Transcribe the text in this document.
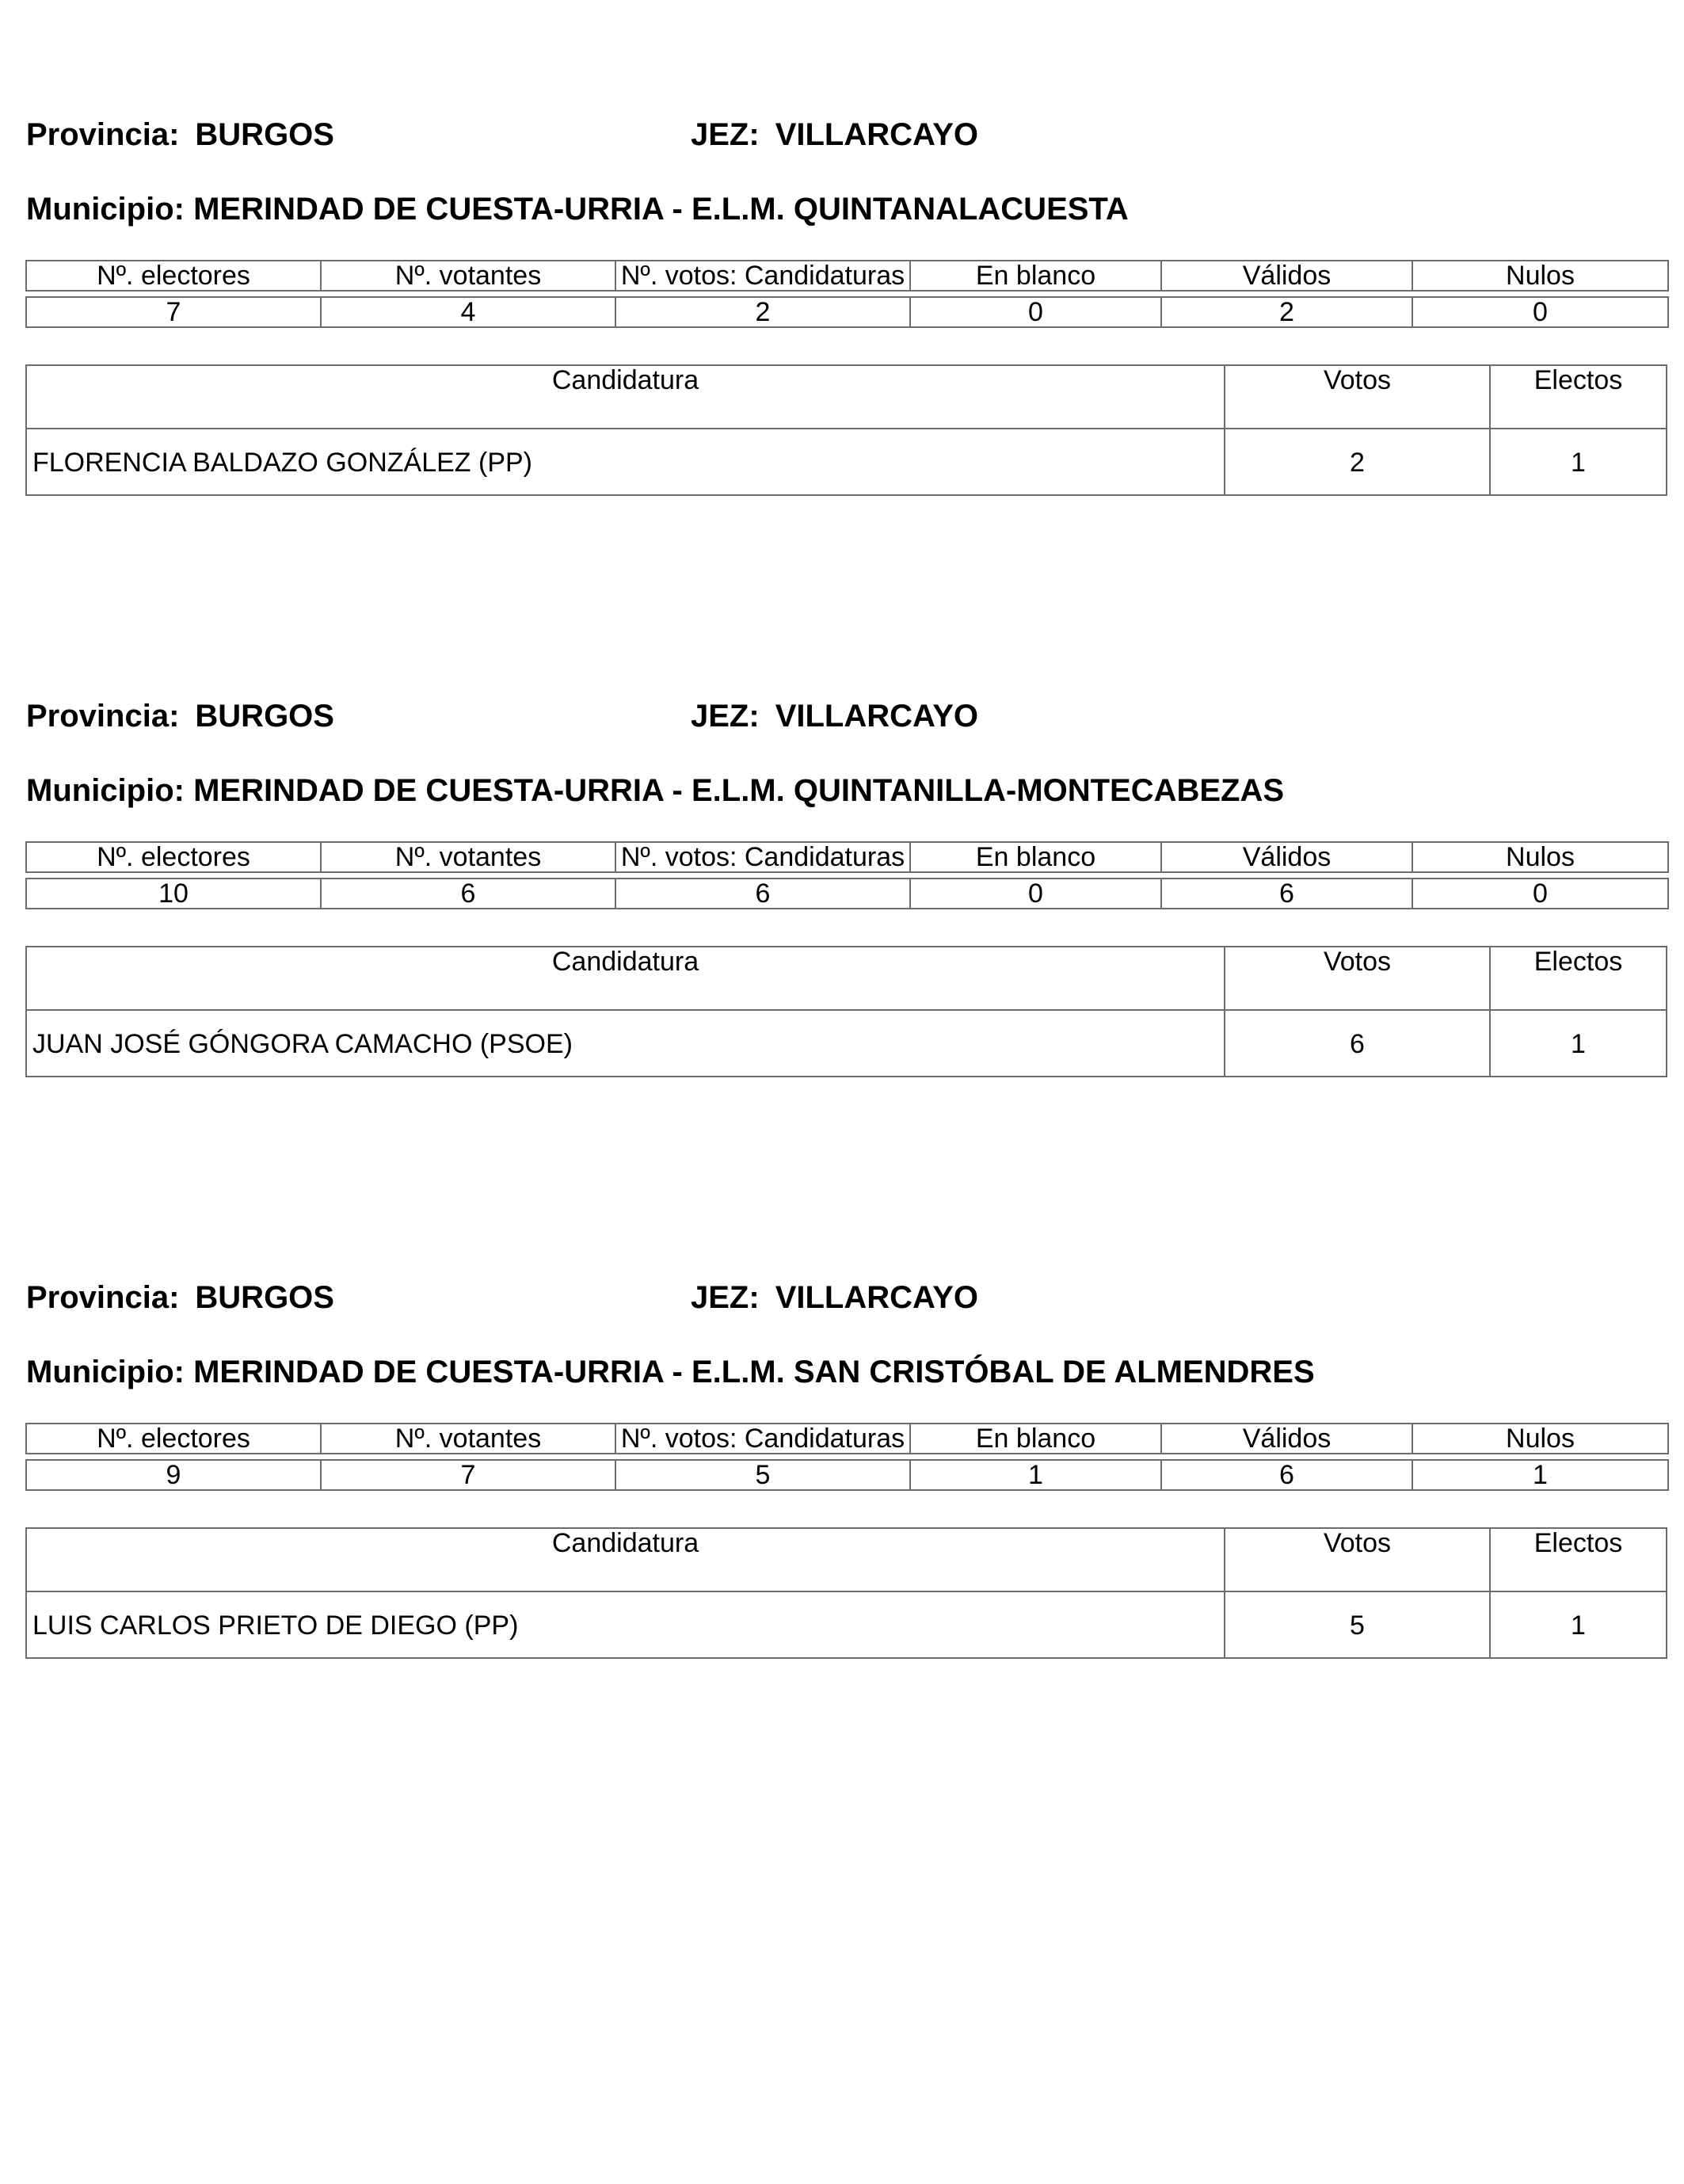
Provincia: BURGOS	JEZ: VILLARCAYO
Municipio: MERINDAD DE CUESTA-URRIA - E.L.M. QUINTANALACUESTA
Nº. electores	Nº. votantes	Nº. votos: Candidaturas	En blanco	Válidos	Nulos

7	4	2	0	2	0
Candidatura	Votos	Electos
FLORENCIA BALDAZO GONZÁLEZ (PP)	2	1
Provincia: BURGOS	JEZ: VILLARCAYO
Municipio: MERINDAD DE CUESTA-URRIA - E.L.M. QUINTANILLA-MONTECABEZAS
Nº. electores	Nº. votantes	Nº. votos: Candidaturas	En blanco	Válidos	Nulos

10	6	6	0	6	0
Candidatura	Votos	Electos
JUAN JOSÉ GÓNGORA CAMACHO (PSOE)	6	1
Provincia: BURGOS	JEZ: VILLARCAYO
Municipio: MERINDAD DE CUESTA-URRIA - E.L.M. SAN CRISTÓBAL DE ALMENDRES
Nº. electores	Nº. votantes	Nº. votos: Candidaturas	En blanco	Válidos	Nulos

9	7	5	1	6	1
Candidatura	Votos	Electos
LUIS CARLOS PRIETO DE DIEGO (PP)	5	1
